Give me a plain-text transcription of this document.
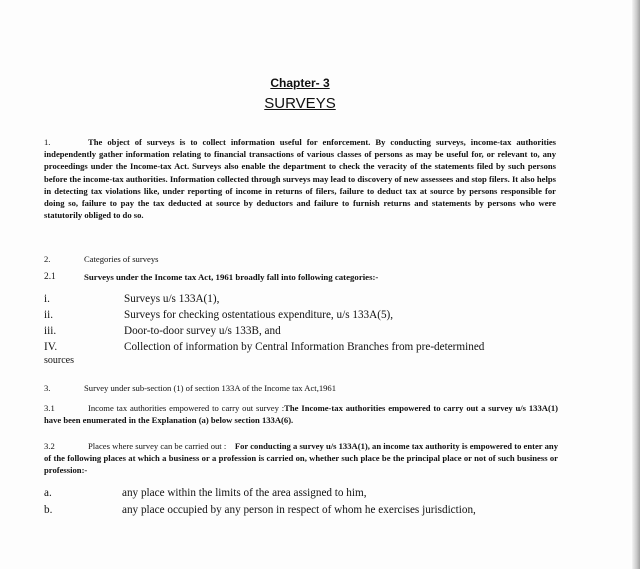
Chapter- 3
SURVEYS
1.	The object of surveys is to collect information useful for enforcement. By conducting surveys, income-tax authorities independently gather information relating to financial transactions of various classes of persons as may be useful for, or relevant to, any proceedings under the Income-tax Act. Surveys also enable the department to check the veracity of the statements filed by such persons before the income-tax authorities. Information collected through surveys may lead to discovery of new assessees and stop filers. It also helps in detecting tax violations like, under reporting of income in returns of filers, failure to deduct tax at source by persons responsible for doing so, failure to pay the tax deducted at source by deductors and failure to furnish returns and statements by persons who were statutorily obliged to do so.
2.	Categories of surveys
2.1	Surveys under the Income tax Act, 1961 broadly fall into following categories:-
i.	Surveys u/s 133A(1),
ii.	Surveys for checking ostentatious expenditure, u/s 133A(5),
iii.	Door-to-door survey u/s 133B, and
IV.	Collection of information by Central Information Branches from pre-determined
sources
3.	Survey under sub-section (1) of section 133A of the Income tax Act,1961
3.1	Income tax authorities empowered to carry out survey :The Income-tax authorities empowered to carry out a survey u/s 133A(1) have been enumerated in the Explanation (a) below section 133A(6).
3.2	Places where survey can be carried out : For conducting a survey u/s 133A(1), an income tax authority is empowered to enter any of the following places at which a business or a profession is carried on, whether such place be the principal place or not of such business or profession:-
a.	any place within the limits of the area assigned to him,
b.	any place occupied by any person in respect of whom he exercises jurisdiction,
